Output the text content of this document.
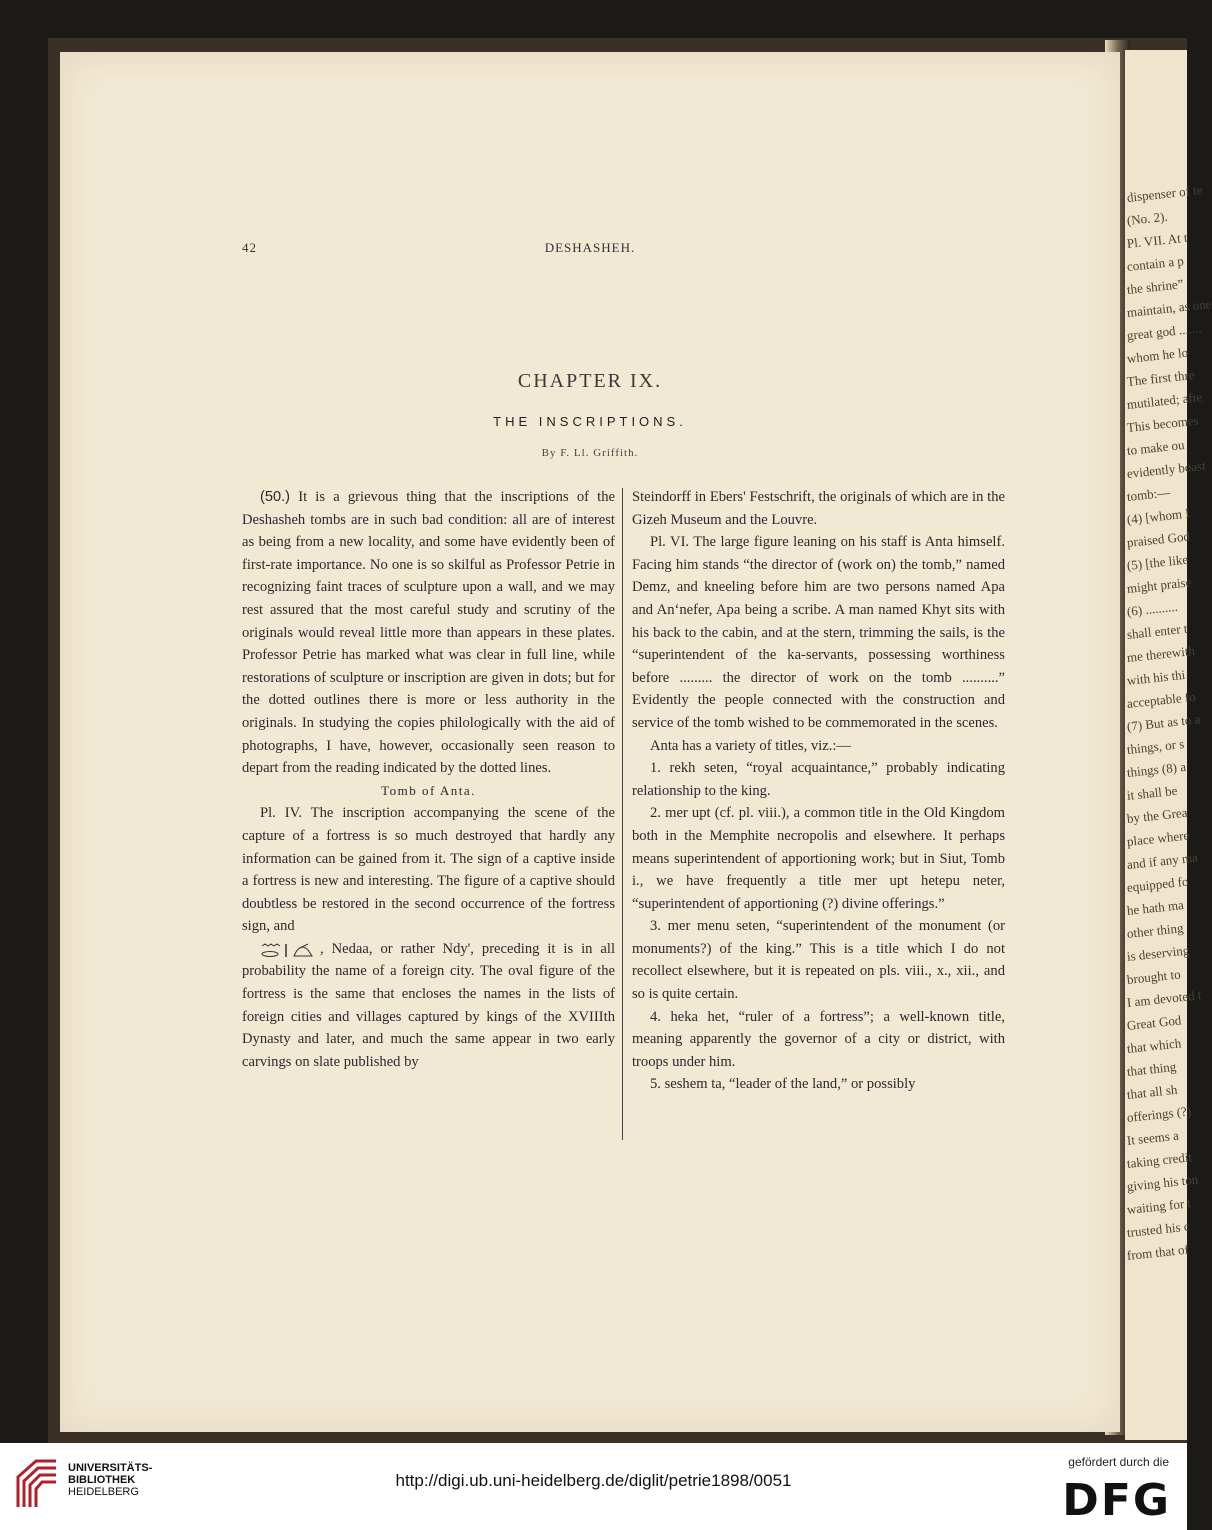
dispenser of te
(No. 2).
Pl. VII. At t
contain a p
the shrine”
maintain, as one
great god .......
whom he lo
The first thre
mutilated; afte
This becomes
to make ou
evidently boast
tomb:—
(4) [whom I
praised God
(5) [the like
might praise
(6) ..........
shall enter t
me therewith
with his thi
acceptable fo
(7) But as to a
things, or s
things (8) a
it shall be
by the Grea
place where
and if any ma
equipped fo
he hath ma
other thing
is deserving
brought to
I am devoted t
Great God
that which
that thing
that all sh
offerings (?)
It seems a
taking credit
giving his ton
waiting for t
trusted his c
from that of
42	DESHASHEH.
CHAPTER IX.
THE INSCRIPTIONS.
By F. Ll. Griffith.

(50.) It is a grievous thing that the inscriptions of the Deshasheh tombs are in such bad condition: all are of interest as being from a new locality, and some have evidently been of first-rate importance. No one is so skilful as Professor Petrie in recognizing faint traces of sculpture upon a wall, and we may rest assured that the most careful study and scrutiny of the originals would reveal little more than appears in these plates. Professor Petrie has marked what was clear in full line, while restorations of sculpture or inscription are given in dots; but for the dotted outlines there is more or less authority in the originals. In studying the copies philologically with the aid of photographs, I have, however, occasionally seen reason to depart from the reading indicated by the dotted lines.

Tomb of Anta.

Pl. IV. The inscription accompanying the scene of the capture of a fortress is so much destroyed that hardly any information can be gained from it. The sign of a captive inside a fortress is new and interesting. The figure of a captive should doubtless be restored in the second occurrence of the fortress sign, and
, Nedaa, or rather Ndy', preceding it is in all probability the name of a foreign city. The oval figure of the fortress is the same that encloses the names in the lists of foreign cities and villages captured by kings of the XVIIIth Dynasty and later, and much the same appear in two early carvings on slate published by

Steindorff in Ebers' Festschrift, the originals of which are in the Gizeh Museum and the Louvre.

Pl. VI. The large figure leaning on his staff is Anta himself. Facing him stands “the director of (work on) the tomb,” named Demz, and kneeling before him are two persons named Apa and An‘nefer, Apa being a scribe. A man named Khyt sits with his back to the cabin, and at the stern, trimming the sails, is the “superintendent of the ka-servants, possessing worthiness before ......... the director of work on the tomb ..........” Evidently the people connected with the construction and service of the tomb wished to be commemorated in the scenes.

Anta has a variety of titles, viz.:—

1. rekh seten, “royal acquaintance,” probably indicating relationship to the king.

2. mer upt (cf. pl. viii.), a common title in the Old Kingdom both in the Memphite necropolis and elsewhere. It perhaps means superintendent of apportioning work; but in Siut, Tomb i., we have frequently a title mer upt hetepu neter, “superintendent of apportioning (?) divine offerings.”

3. mer menu seten, “superintendent of the monument (or monuments?) of the king.” This is a title which I do not recollect elsewhere, but it is repeated on pls. viii., x., xii., and so is quite certain.

4. heka het, “ruler of a fortress”; a well-known title, meaning apparently the governor of a city or district, with troops under him.

5. seshem ta, “leader of the land,” or possibly

UNIVERSITÄTS-
BIBLIOTHEK
HEIDELBERG
http://digi.ub.uni-heidelberg.de/diglit/petrie1898/0051
gefördert durch die
DFG
